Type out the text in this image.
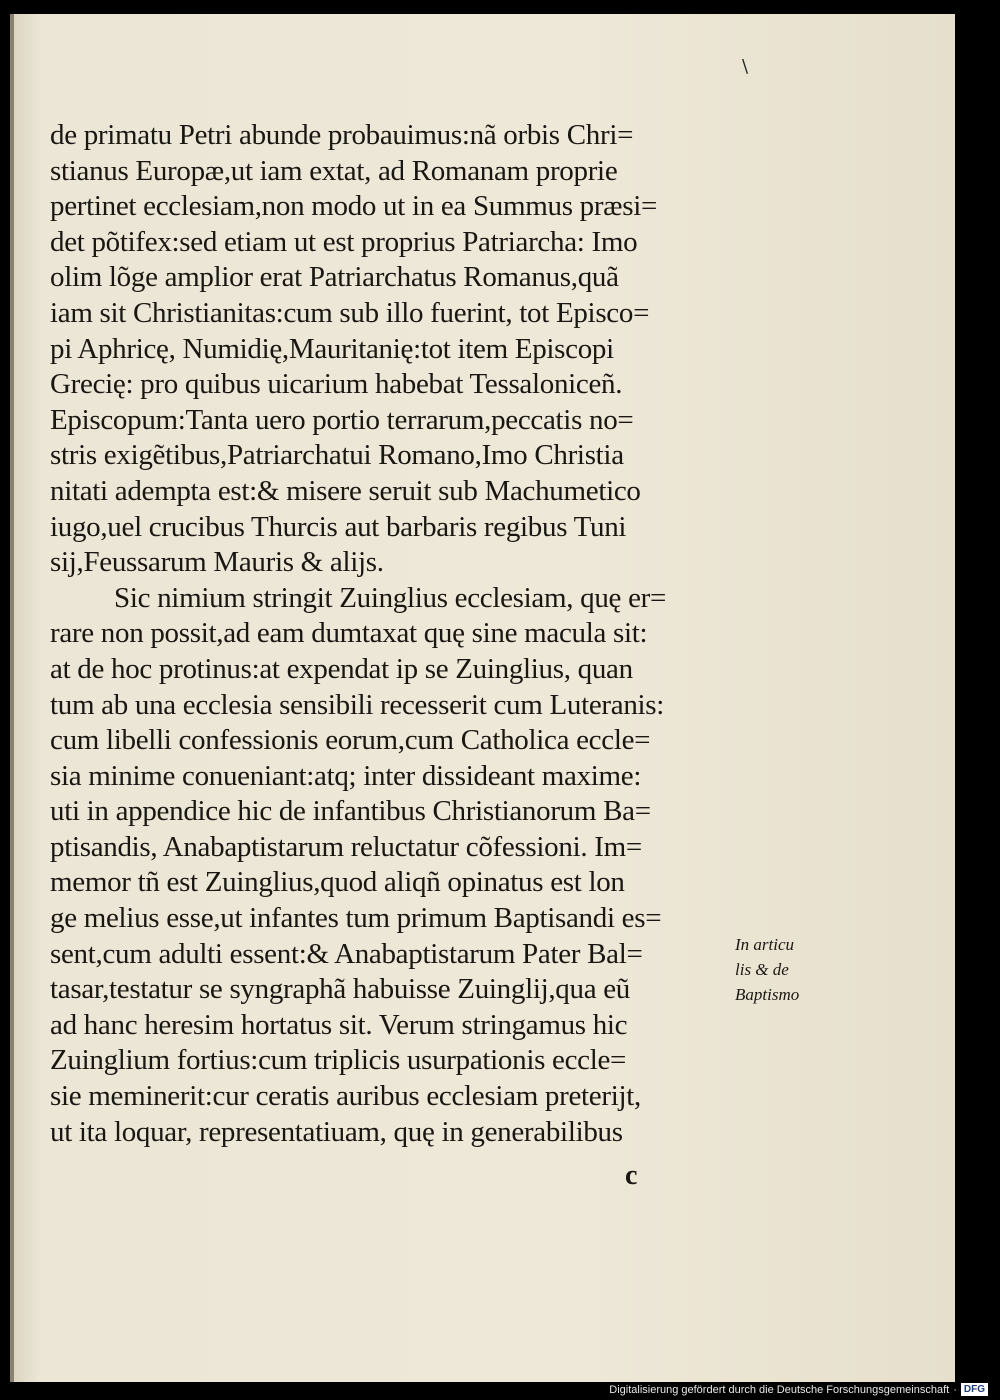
\
de primatu Petri abunde probauimus:nã orbis Chri=
stianus Europæ,ut iam extat, ad Romanam proprie
pertinet ecclesiam,non modo ut in ea Summus præsi=
det põtifex:sed etiam ut est proprius Patriarcha: Imo
olim lõge amplior erat Patriarchatus Romanus,quã
iam sit Christianitas:cum sub illo fuerint, tot Episco=
pi Aphricę, Numidię,Mauritanię:tot item Episcopi
Grecię: pro quibus uicarium habebat Tessaloniceñ.
Episcopum:Tanta uero portio terrarum,peccatis no=
stris exigẽtibus,Patriarchatui Romano,Imo Christia
nitati adempta est:& misere seruit sub Machumetico
iugo,uel crucibus Thurcis aut barbaris regibus Tuni
sij,Feussarum Mauris & alijs.
Sic nimium stringit Zuinglius ecclesiam, quę er=
rare non possit,ad eam dumtaxat quę sine macula sit:
at de hoc protinus:at expendat ip se Zuinglius, quan
tum ab una ecclesia sensibili recesserit cum Luteranis:
cum libelli confessionis eorum,cum Catholica eccle=
sia minime conueniant:atq; inter dissideant maxime:
uti in appendice hic de infantibus Christianorum Ba=
ptisandis, Anabaptistarum reluctatur cõfessioni. Im=
memor tñ est Zuinglius,quod aliqñ opinatus est lon
ge melius esse,ut infantes tum primum Baptisandi es=
sent,cum adulti essent:& Anabaptistarum Pater Bal=
tasar,testatur se syngraphã habuisse Zuinglij,qua eũ
ad hanc heresim hortatus sit. Verum stringamus hic
Zuinglium fortius:cum triplicis usurpationis eccle=
sie meminerit:cur ceratis auribus ecclesiam preterijt,
ut ita loquar, representatiuam, quę in generabilibus
In articu
lis & de
Baptismo
c
Digitalisierung gefördert durch die Deutsche Forschungsgemeinschaft · DFG
